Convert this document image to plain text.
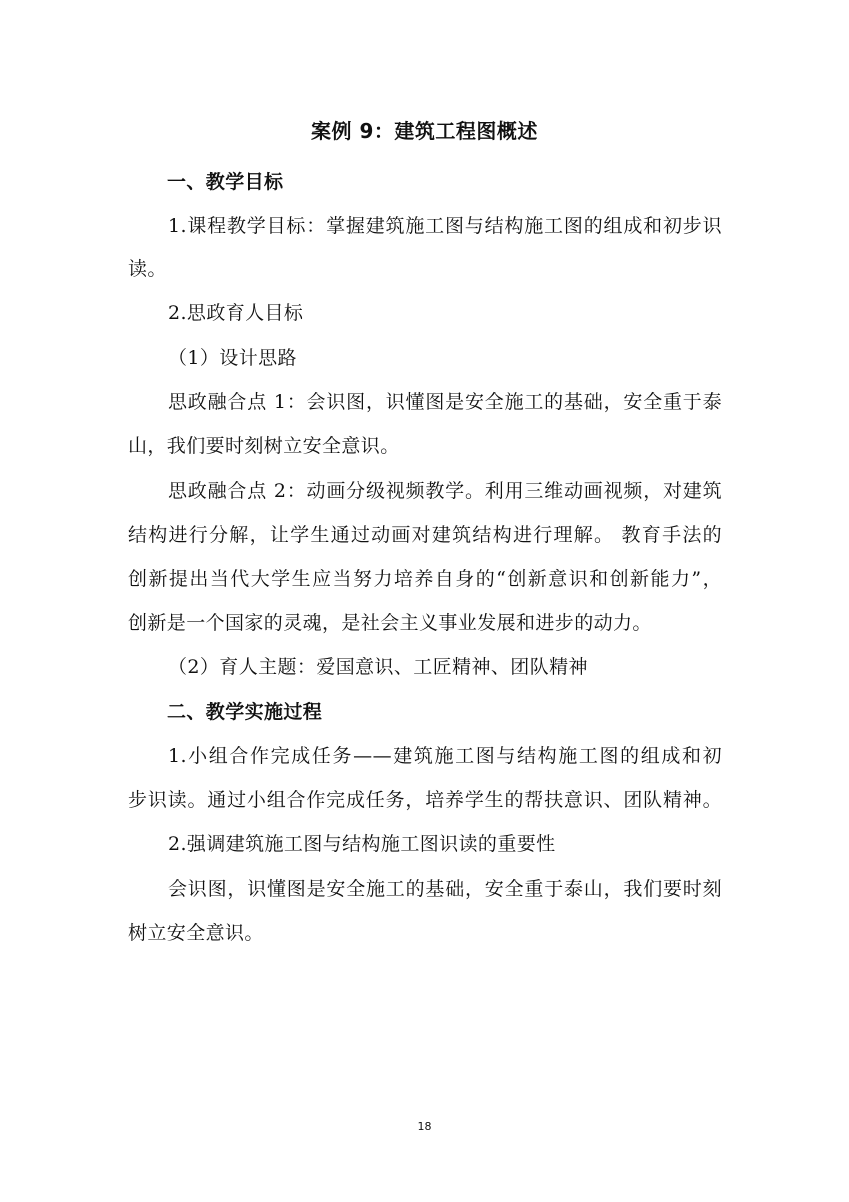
案例 9：建筑工程图概述
一、教学目标
1.课程教学目标：掌握建筑施工图与结构施工图的组成和初步识
读。
2.思政育人目标
（1）设计思路
思政融合点 1：会识图，识懂图是安全施工的基础，安全重于泰
山，我们要时刻树立安全意识。
思政融合点 2：动画分级视频教学。利用三维动画视频，对建筑
结构进行分解，让学生通过动画对建筑结构进行理解。 教育手法的
创新提出当代大学生应当努力培养自身的“创新意识和创新能力”，
创新是一个国家的灵魂，是社会主义事业发展和进步的动力。
（2）育人主题：爱国意识、工匠精神、团队精神
二、教学实施过程
1.小组合作完成任务——建筑施工图与结构施工图的组成和初
步识读。通过小组合作完成任务，培养学生的帮扶意识、团队精神。
2.强调建筑施工图与结构施工图识读的重要性
会识图，识懂图是安全施工的基础，安全重于泰山，我们要时刻
树立安全意识。
18
